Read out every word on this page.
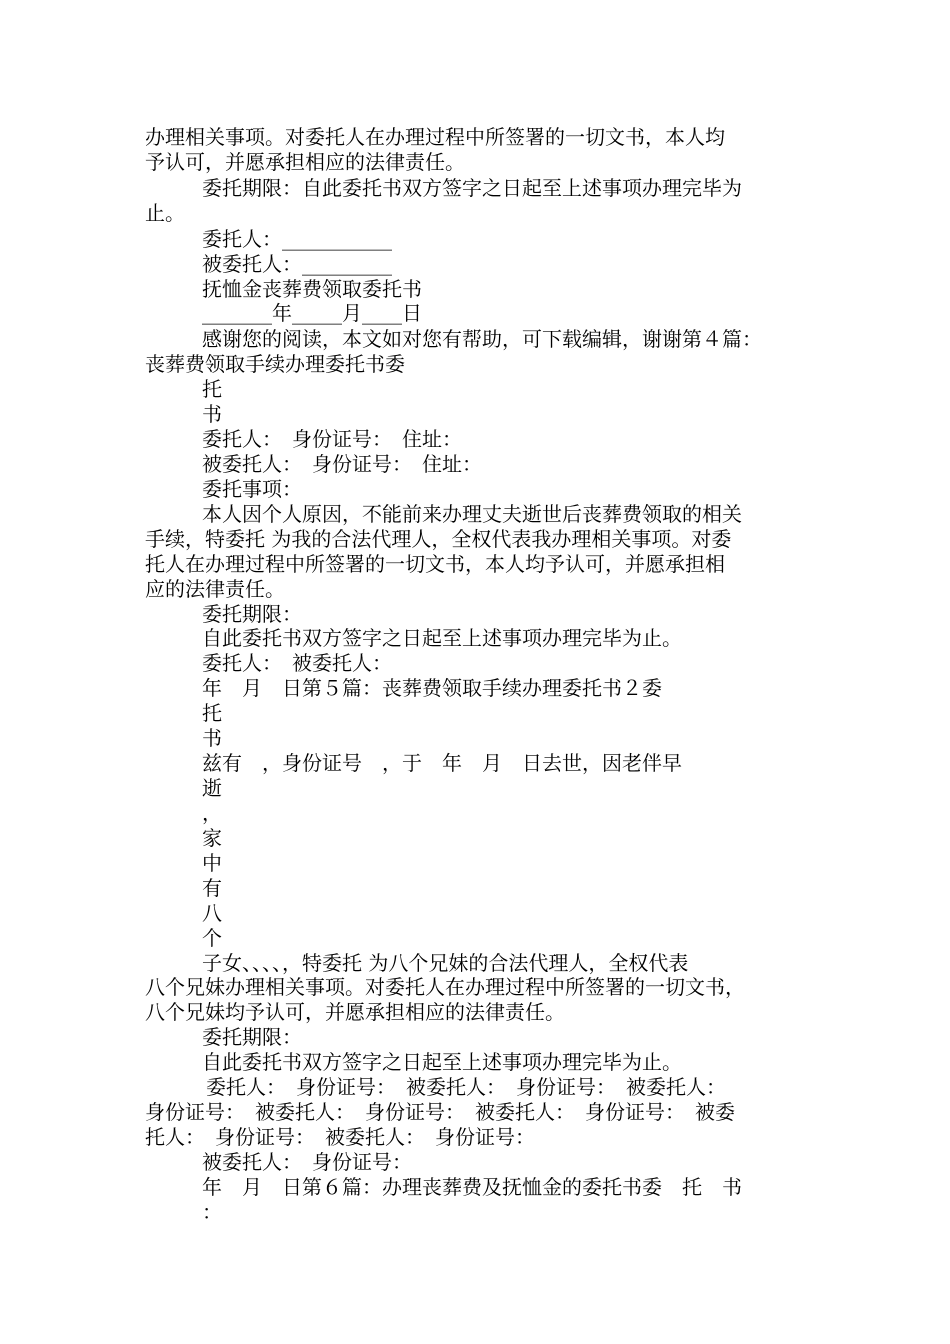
办理相关事项。对委托人在办理过程中所签署的一切文书，本人均
予认可，并愿承担相应的法律责任。
委托期限：自此委托书双方签字之日起至上述事项办理完毕为
止。
委托人：___________
被委托人：_________
抚恤金丧葬费领取委托书
_______年_____月____日
感谢您的阅读，本文如对您有帮助，可下载编辑，谢谢第４篇：
丧葬费领取手续办理委托书委
托
书
委托人：　身份证号：　住址：
被委托人：　身份证号：　住址：
委托事项：
本人因个人原因，不能前来办理丈夫逝世后丧葬费领取的相关
手续，特委托 为我的合法代理人，全权代表我办理相关事项。对委
托人在办理过程中所签署的一切文书，本人均予认可，并愿承担相
应的法律责任。
委托期限：
自此委托书双方签字之日起至上述事项办理完毕为止。
委托人：　被委托人：
年　月　日第５篇：丧葬费领取手续办理委托书２委
托
书
兹有　，身份证号　，于　年　月　日去世，因老伴早
逝
，
家
中
有
八
个
子女、、、、，特委托 为八个兄妹的合法代理人，全权代表
八个兄妹办理相关事项。对委托人在办理过程中所签署的一切文书，
八个兄妹均予认可，并愿承担相应的法律责任。
委托期限：
自此委托书双方签字之日起至上述事项办理完毕为止。
委托人：　身份证号：　被委托人：　身份证号：　被委托人：
身份证号：　被委托人：　身份证号：　被委托人：　身份证号：　被委
托人：　身份证号：　被委托人：　身份证号：
被委托人：　身份证号：
年　月　日第６篇：办理丧葬费及抚恤金的委托书委　托　书
：
